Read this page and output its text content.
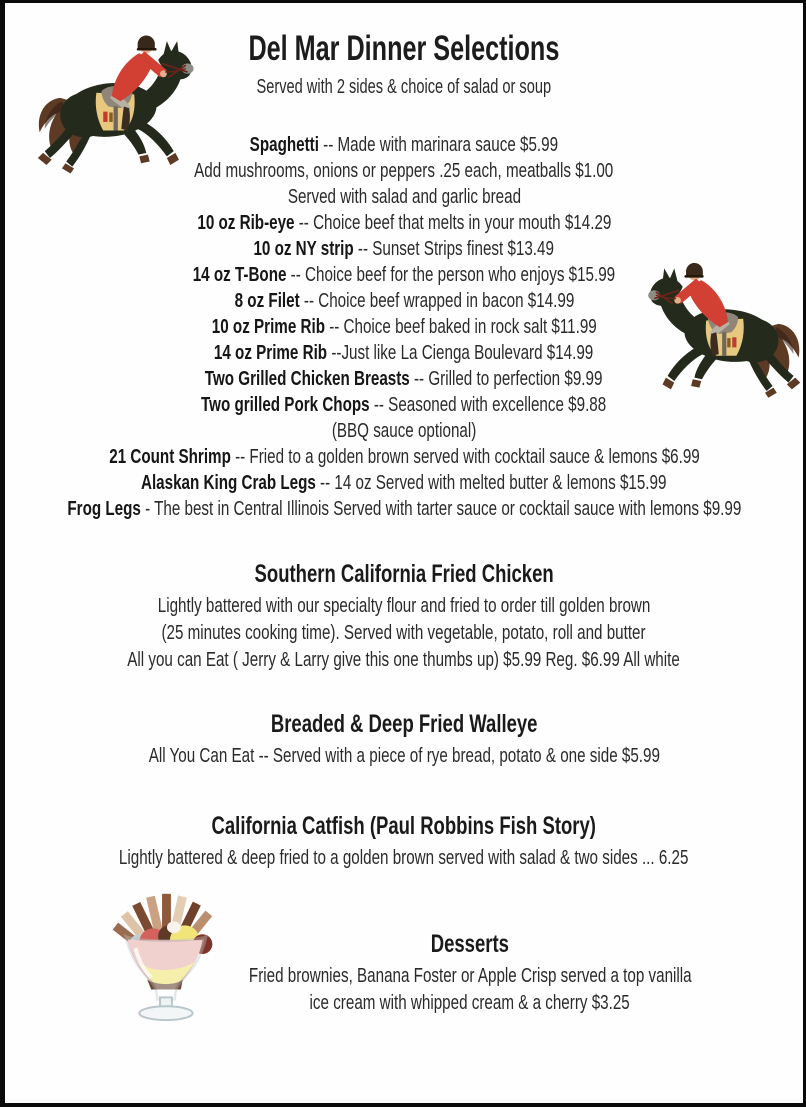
Del Mar Dinner Selections
Served with 2 sides & choice of salad or soup
Spaghetti -- Made with marinara sauce $5.99
Add mushrooms, onions or peppers .25 each, meatballs $1.00
Served with salad and garlic bread
10 oz Rib-eye -- Choice beef that melts in your mouth $14.29
10 oz NY strip -- Sunset Strips finest $13.49
14 oz T-Bone -- Choice beef for the person who enjoys $15.99
8 oz Filet -- Choice beef wrapped in bacon $14.99
10 oz Prime Rib -- Choice beef baked in rock salt $11.99
14 oz Prime Rib --Just like La Cienga Boulevard $14.99
Two Grilled Chicken Breasts -- Grilled to perfection $9.99
Two grilled Pork Chops -- Seasoned with excellence $9.88
(BBQ sauce optional)
21 Count Shrimp -- Fried to a golden brown served with cocktail sauce & lemons $6.99
Alaskan King Crab Legs -- 14 oz Served with melted butter & lemons $15.99
Frog Legs - The best in Central Illinois Served with tarter sauce or cocktail sauce with lemons $9.99
Southern California Fried Chicken
Lightly battered with our specialty flour and fried to order till golden brown
(25 minutes cooking time). Served with vegetable, potato, roll and butter
All you can Eat ( Jerry & Larry give this one thumbs up) $5.99 Reg. $6.99 All white
Breaded & Deep Fried Walleye
All You Can Eat -- Served with a piece of rye bread, potato & one side $5.99
California Catfish (Paul Robbins Fish Story)
Lightly battered & deep fried to a golden brown served with salad & two sides ... 6.25
Desserts
Fried brownies, Banana Foster or Apple Crisp served a top vanilla
ice cream with whipped cream & a cherry $3.25
